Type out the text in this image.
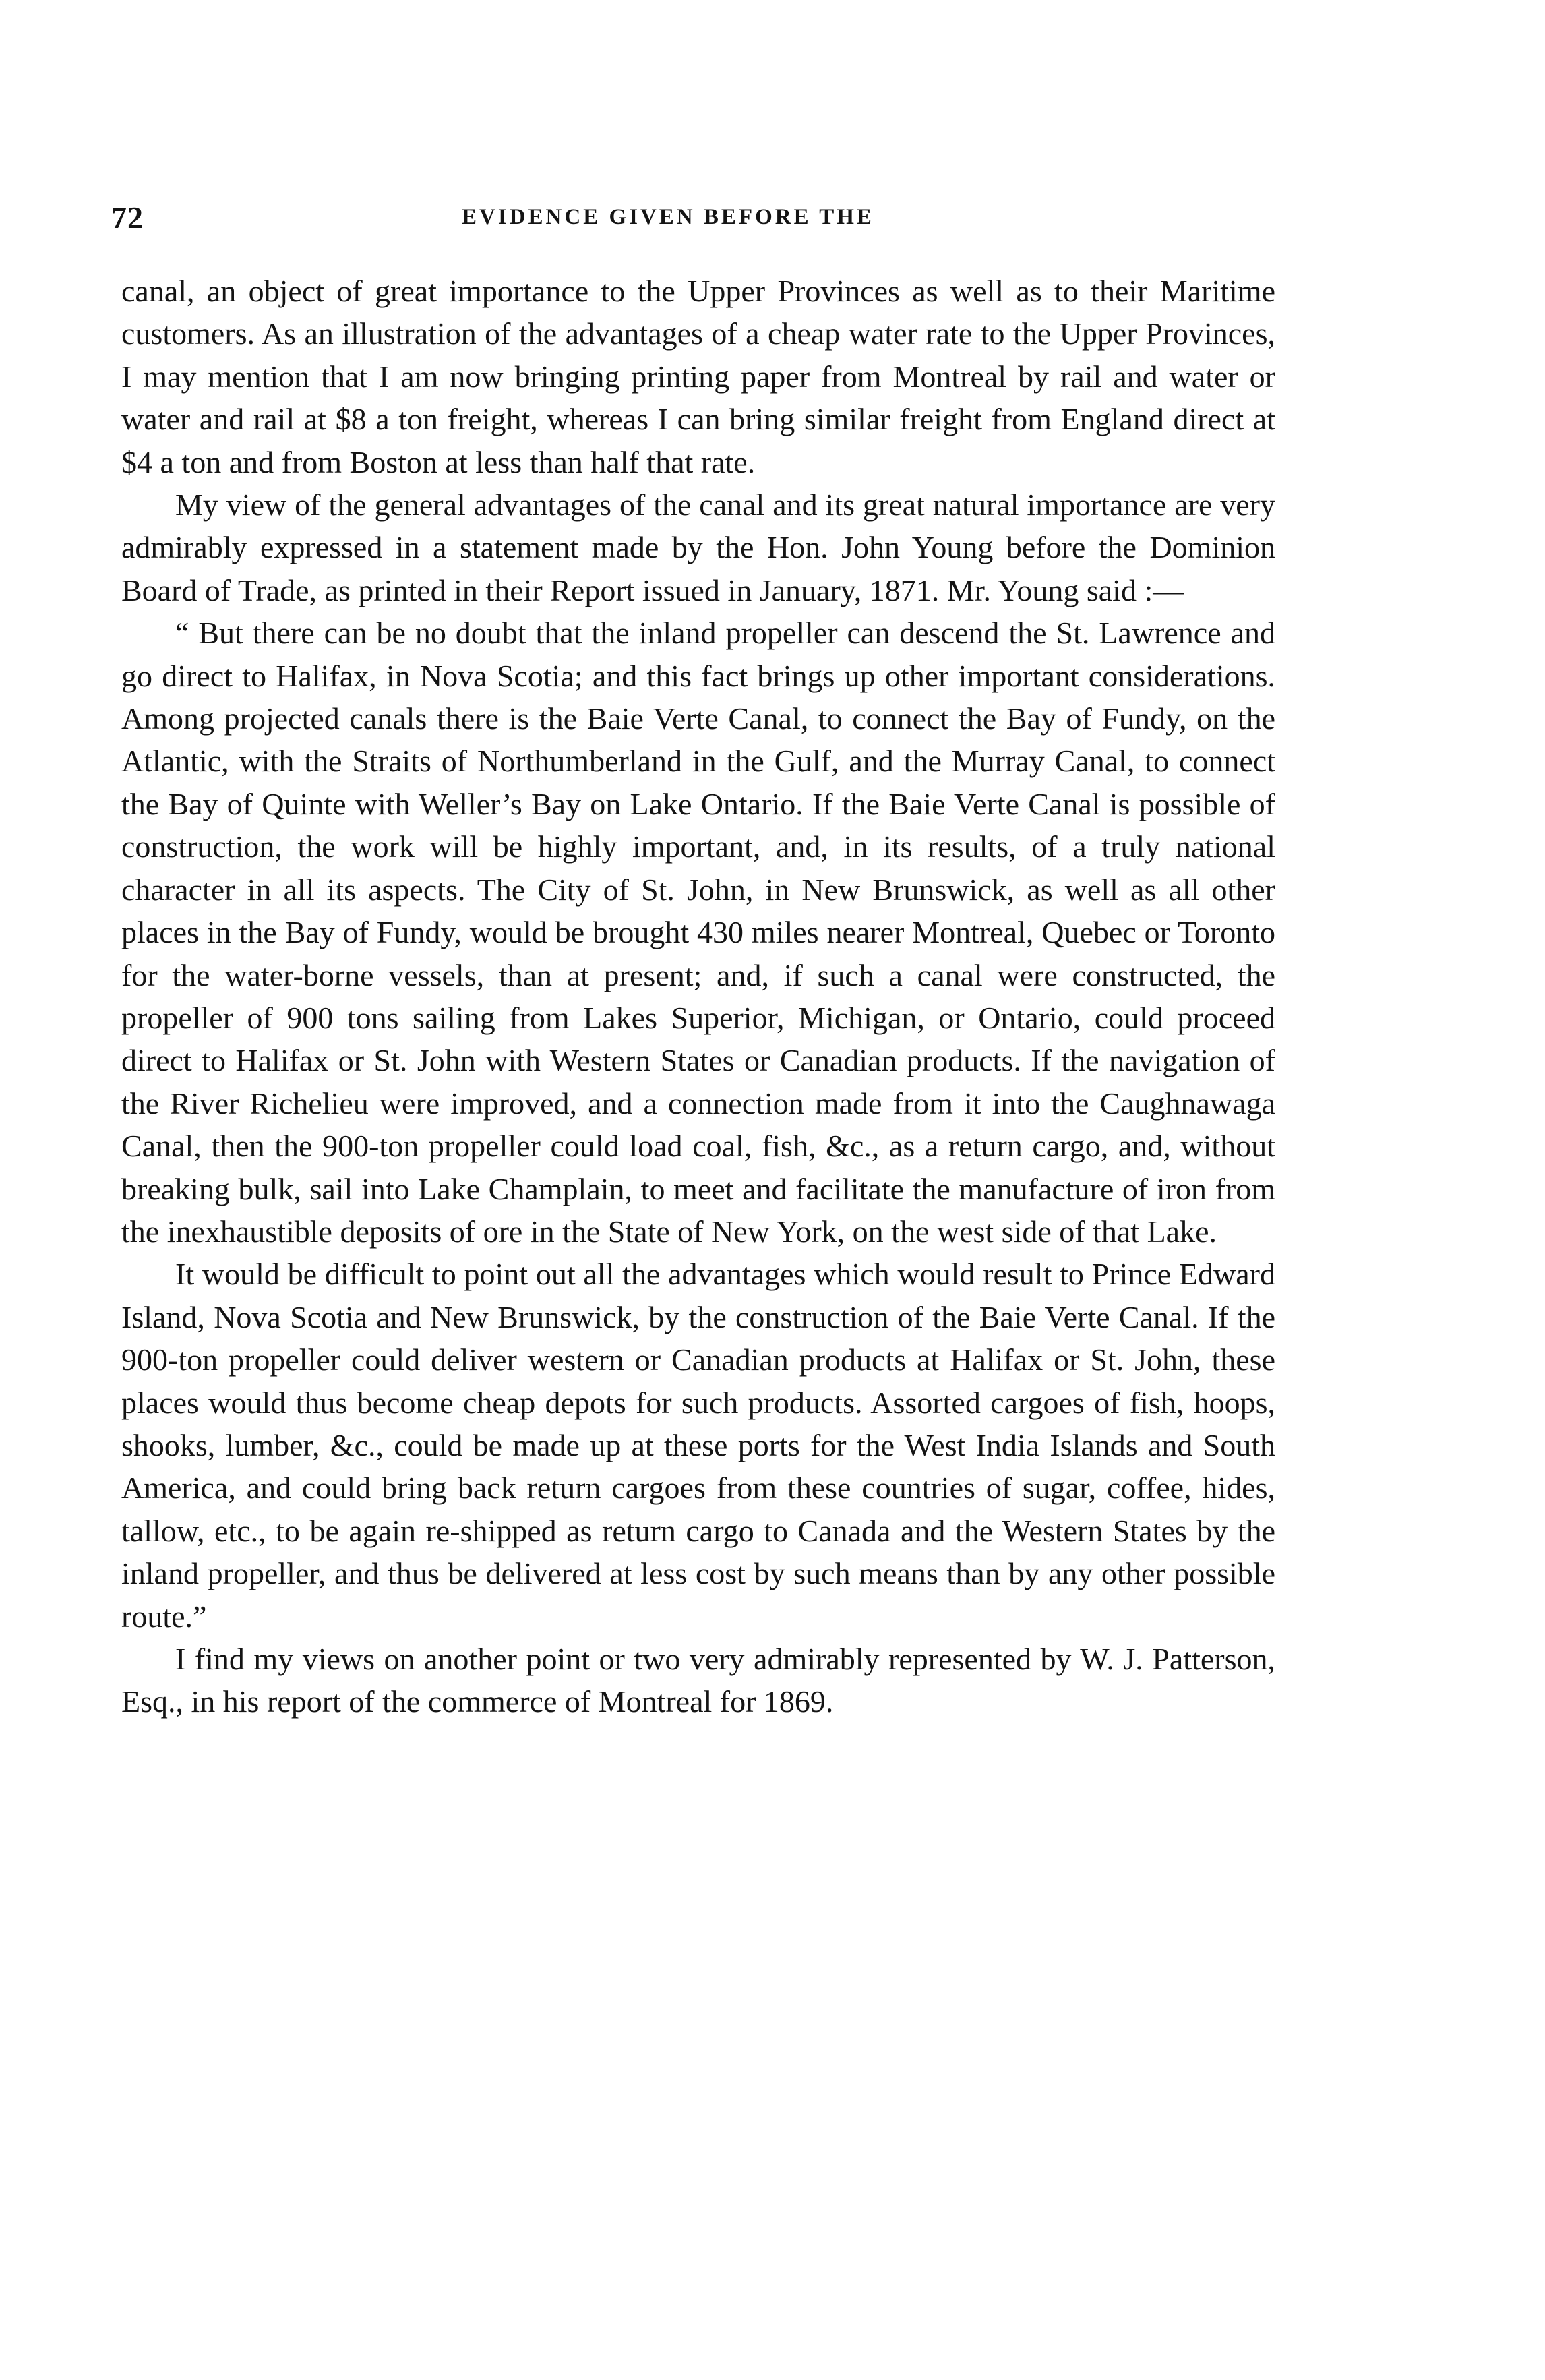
72	EVIDENCE GIVEN BEFORE THE

canal, an object of great importance to the Upper Provinces as well as to their Maritime customers. As an illustration of the advantages of a cheap water rate to the Upper Provinces, I may mention that I am now bringing printing paper from Montreal by rail and water or water and rail at $8 a ton freight, whereas I can bring similar freight from England direct at $4 a ton and from Boston at less than half that rate.

My view of the general advantages of the canal and its great natural importance are very admirably expressed in a statement made by the Hon. John Young before the Dominion Board of Trade, as printed in their Report issued in January, 1871. Mr. Young said :—

“ But there can be no doubt that the inland propeller can descend the St. Lawrence and go direct to Halifax, in Nova Scotia; and this fact brings up other important considerations. Among projected canals there is the Baie Verte Canal, to connect the Bay of Fundy, on the Atlantic, with the Straits of Northumberland in the Gulf, and the Murray Canal, to connect the Bay of Quinte with Weller’s Bay on Lake Ontario. If the Baie Verte Canal is possible of construction, the work will be highly important, and, in its results, of a truly national character in all its aspects. The City of St. John, in New Brunswick, as well as all other places in the Bay of Fundy, would be brought 430 miles nearer Montreal, Quebec or Toronto for the water-borne vessels, than at present; and, if such a canal were constructed, the propeller of 900 tons sailing from Lakes Superior, Michigan, or Ontario, could proceed direct to Halifax or St. John with Western States or Canadian products. If the navigation of the River Richelieu were improved, and a connection made from it into the Caughnawaga Canal, then the 900-ton propeller could load coal, fish, &c., as a return cargo, and, without breaking bulk, sail into Lake Champlain, to meet and facilitate the manufacture of iron from the inexhaustible deposits of ore in the State of New York, on the west side of that Lake.

It would be difficult to point out all the advantages which would result to Prince Edward Island, Nova Scotia and New Brunswick, by the construction of the Baie Verte Canal. If the 900-ton propeller could deliver western or Canadian products at Halifax or St. John, these places would thus become cheap depots for such products. Assorted cargoes of fish, hoops, shooks, lumber, &c., could be made up at these ports for the West India Islands and South America, and could bring back return cargoes from these countries of sugar, coffee, hides, tallow, etc., to be again re-shipped as return cargo to Canada and the Western States by the inland propeller, and thus be delivered at less cost by such means than by any other possible route.”

I find my views on another point or two very admirably represented by W. J. Patterson, Esq., in his report of the commerce of Montreal for 1869.
